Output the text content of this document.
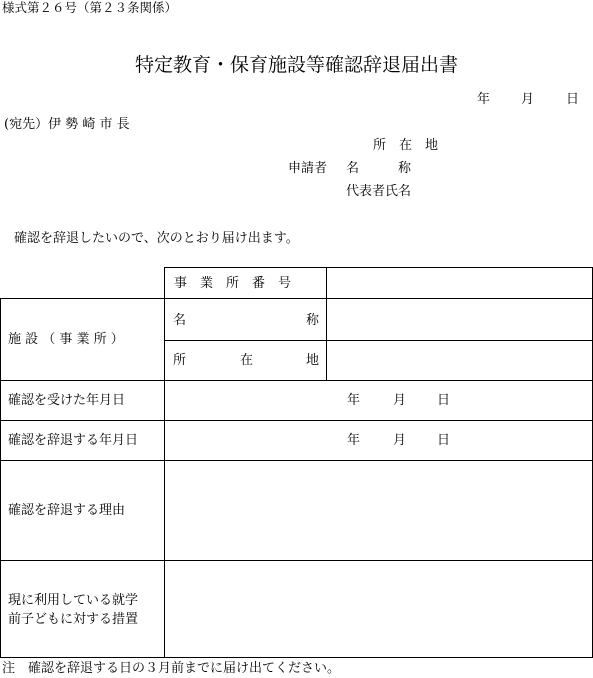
様式第２６号（第２３条関係）
特定教育・保育施設等確認辞退届出書
年 月 日
(宛先）伊 勢 崎 市 長
所　在　地
申請者 名　　　称
代表者氏名
確認を辞退したいので、次のとおり届け出ます。
事　業　所　番　号
施 設 （ 事 業 所 ）
名	称
所	在	地
確認を受けた年月日	年	月 日
確認を辞退する年月日	年	月 日
確認を辞退する理由
現に利用している就学
前子どもに対する措置
注　確認を辞退する日の３月前までに届け出てください。
